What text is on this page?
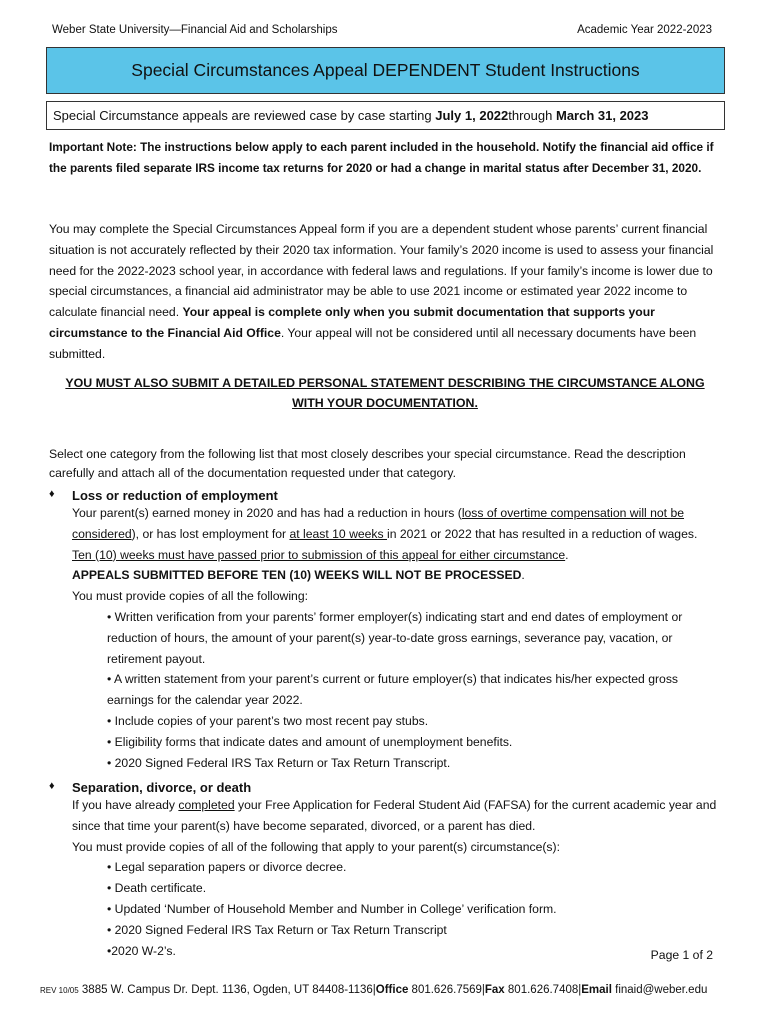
Weber State University—Financial Aid and Scholarships	Academic Year 2022-2023
Special Circumstances Appeal DEPENDENT Student Instructions
Special Circumstance appeals are reviewed case by case starting
July 1, 2022 through
March 31, 2023

Important Note: The instructions below apply to each parent included in the household. Notify the financial aid office if the parents filed separate IRS income tax returns for 2020 or had a change in marital status after December 31, 2020.

You may complete the Special Circumstances Appeal form if you are a dependent student whose parents’ current financial situation is not accurately reflected by their 2020 tax information. Your family’s 2020 income is used to assess your financial need for the 2022-2023 school year, in accordance with federal laws and regulations. If your family’s income is lower due to special circumstances, a financial aid administrator may be able to use 2021 income or estimated year 2022 income to calculate financial need. Your appeal is complete only when you submit documentation that supports your circumstance to the Financial Aid Office. Your appeal will not be considered until all necessary documents have been submitted.

YOU MUST ALSO SUBMIT A DETAILED PERSONAL STATEMENT DESCRIBING THE CIRCUMSTANCE ALONG WITH YOUR DOCUMENTATION.

Select one category from the following list that most closely describes your special circumstance. Read the description carefully and attach all of the documentation requested under that category.

♦	Loss or reduction of employment

Your parent(s) earned money in 2020 and has had a reduction in hours (loss of overtime compensation will not be considered), or has lost employment for at least 10 weeks in 2021 or 2022 that has resulted in a reduction of wages. Ten (10) weeks must have passed prior to submission of this appeal for either circumstance.

APPEALS SUBMITTED BEFORE TEN (10) WEEKS WILL NOT BE PROCESSED.

You must provide copies of all the following:

• Written verification from your parents’ former employer(s) indicating start and end dates of employment or reduction of hours, the amount of your parent(s) year-to-date gross earnings, severance pay, vacation, or retirement payout.
• A written statement from your parent’s current or future employer(s) that indicates his/her expected gross earnings for the calendar year 2022.
• Include copies of your parent’s two most recent pay stubs.
• Eligibility forms that indicate dates and amount of unemployment benefits.
• 2020 Signed Federal IRS Tax Return or Tax Return Transcript.
♦	Separation, divorce, or death

If you have already completed your Free Application for Federal Student Aid (FAFSA) for the current academic year and since that time your parent(s) have become separated, divorced, or a parent has died.

You must provide copies of all of the following that apply to your parent(s) circumstance(s):

• Legal separation papers or divorce decree.
• Death certificate.
• Updated ‘Number of Household Member and Number in College’ verification form.
• 2020 Signed Federal IRS Tax Return or Tax Return Transcript
•2020 W-2’s.	Page 1 of 2
REV 10/05 3885 W. Campus Dr. Dept. 1136, Ogden, UT 84408-1136|Office 801.626.7569|Fax 801.626.7408|Email finaid@weber.edu
